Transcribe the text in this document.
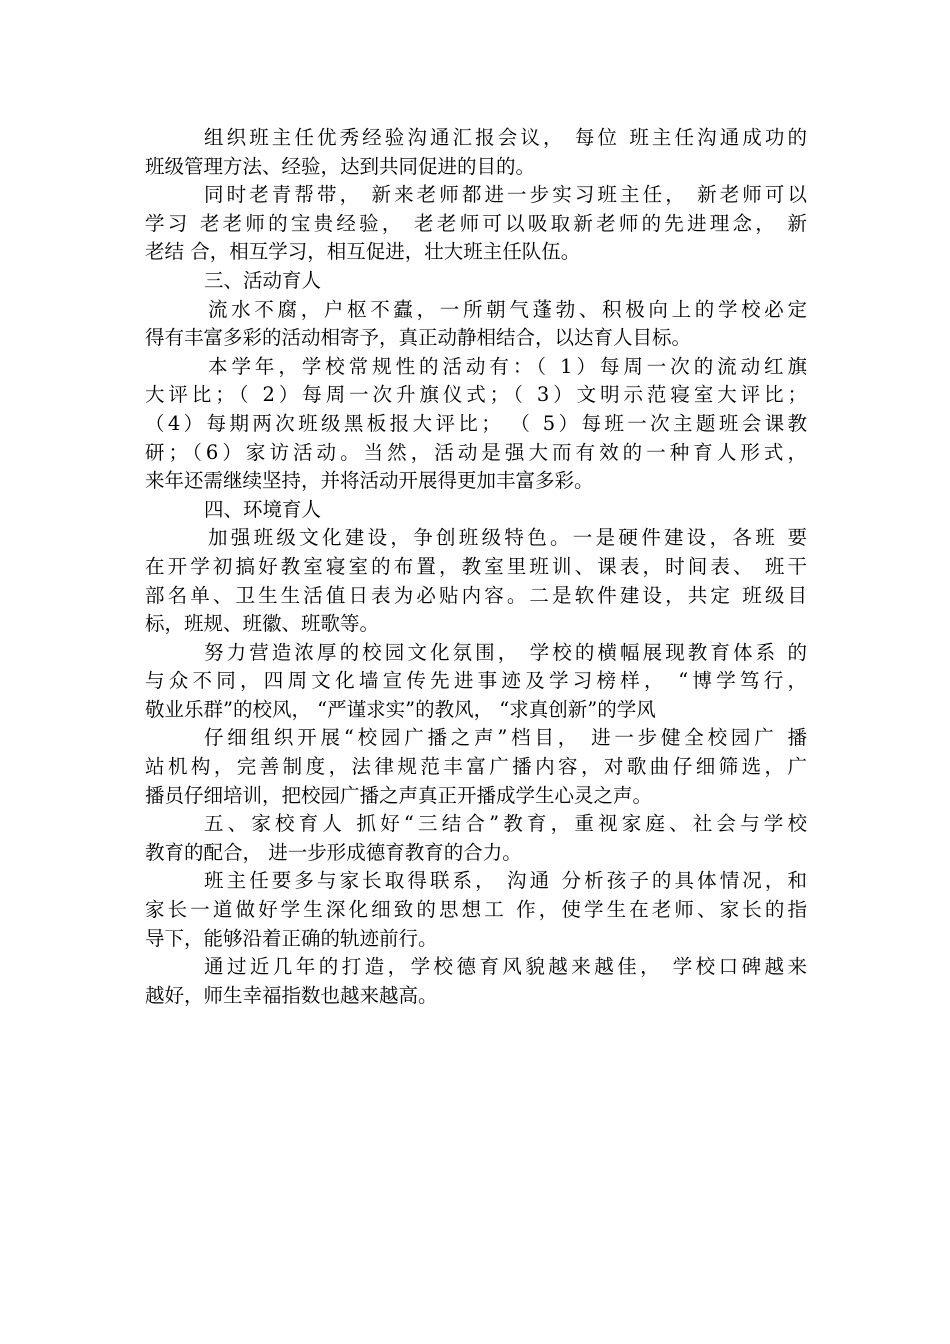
组织班主任优秀经验沟通汇报会议， 每位 班主任沟通成功的
班级管理方法、经验，达到共同促进的目的。
同时老青帮带， 新来老师都进一步实习班主任， 新老师可以
学习 老老师的宝贵经验， 老老师可以吸取新老师的先进理念， 新
老结 合，相互学习，相互促进，壮大班主任队伍。
三、活动育人
流水不腐，户枢不蠹，一所朝气蓬勃、积极向上的学校必定
得有丰富多彩的活动相寄予，真正动静相结合，以达育人目标。
本学年，学校常规性的活动有：（ 1）每周一次的流动红旗
大评比；（ 2）每周一次升旗仪式；（ 3）文明示范寝室大评比；
（4）每期两次班级黑板报大评比； （ 5）每班一次主题班会课教
研；（6）家访活动。当然，活动是强大而有效的一种育人形式，
来年还需继续坚持，并将活动开展得更加丰富多彩。
四、环境育人
加强班级文化建设，争创班级特色。一是硬件建设，各班 要
在开学初搞好教室寝室的布置，教室里班训、课表，时间表、 班干
部名单、卫生生活值日表为必贴内容。二是软件建设，共定 班级目
标，班规、班徽、班歌等。
努力营造浓厚的校园文化氛围， 学校的横幅展现教育体系 的
与众不同，四周文化墙宣传先进事迹及学习榜样， “博学笃行，
敬业乐群”的校风， “严谨求实”的教风， “求真创新”的学风
仔细组织开展“校园广播之声”档目， 进一步健全校园广 播
站机构，完善制度，法律规范丰富广播内容，对歌曲仔细筛选，广
播员仔细培训，把校园广播之声真正开播成学生心灵之声。
五、家校育人 抓好“三结合”教育，重视家庭、社会与学校
教育的配合， 进一步形成德育教育的合力。
班主任要多与家长取得联系， 沟通 分析孩子的具体情况，和
家长一道做好学生深化细致的思想工 作，使学生在老师、家长的指
导下，能够沿着正确的轨迹前行。
通过近几年的打造，学校德育风貌越来越佳， 学校口碑越来
越好，师生幸福指数也越来越高。
